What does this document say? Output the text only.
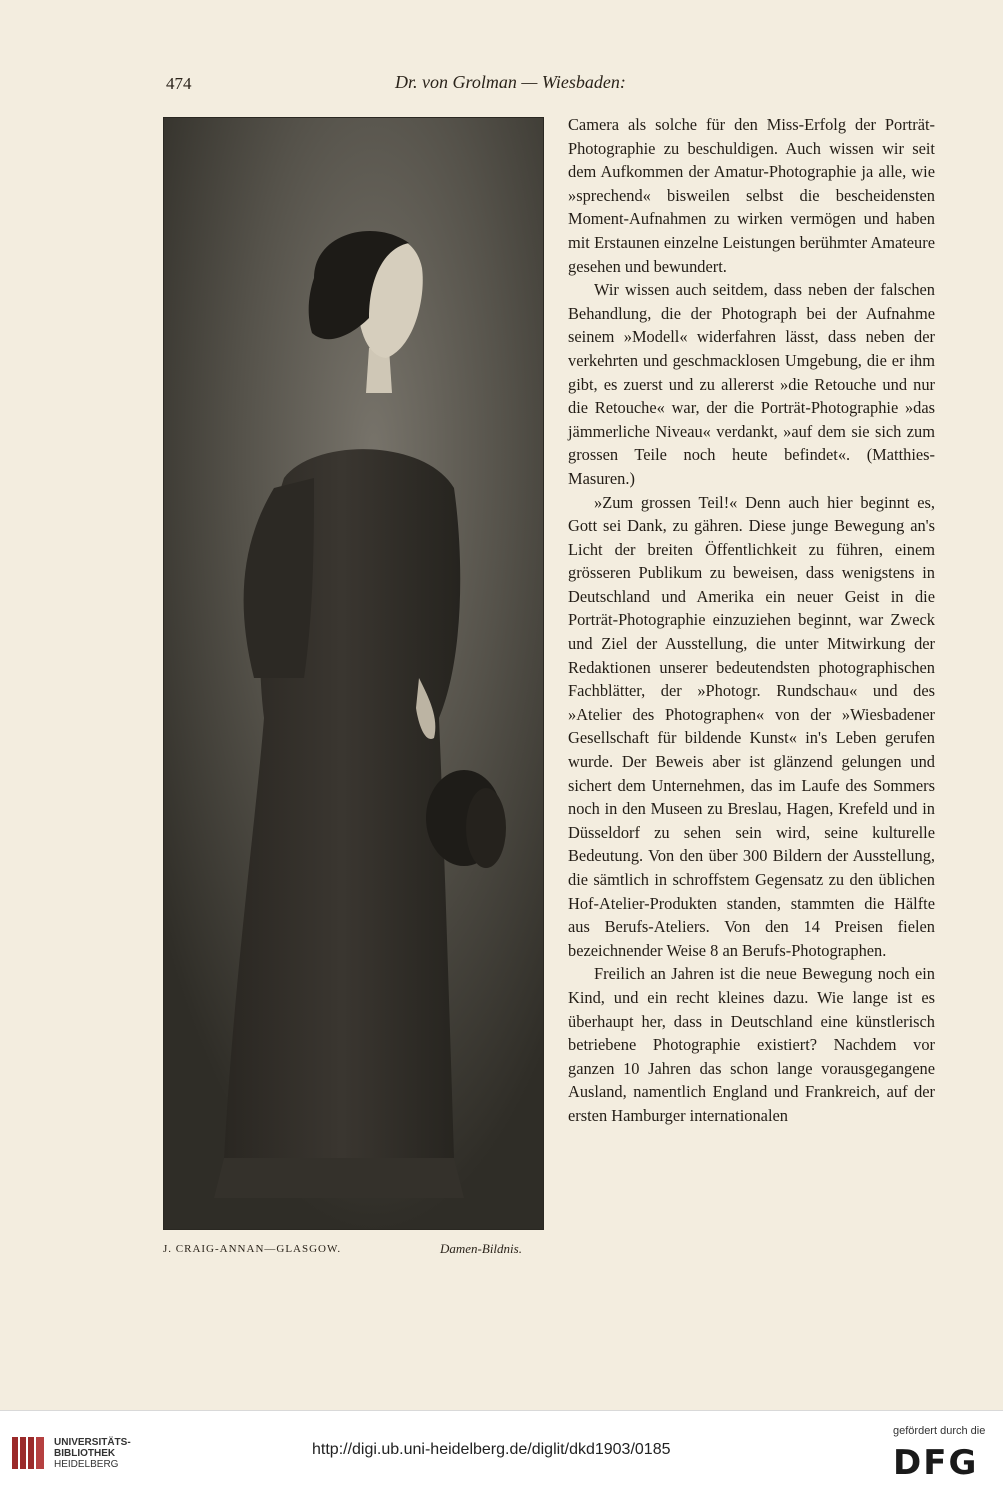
474	Dr. von Grolman — Wiesbaden:
J. CRAIG-ANNAN—GLASGOW.	Damen-Bildnis.

Camera als solche für den Miss-Erfolg der Porträt-Photographie zu beschuldigen. Auch wissen wir seit dem Aufkommen der Amatur-Photographie ja alle, wie »sprechend« bisweilen selbst die bescheidensten Moment-Aufnahmen zu wirken vermögen und haben mit Erstaunen einzelne Leistungen berühmter Amateure gesehen und bewundert.

Wir wissen auch seitdem, dass neben der falschen Behandlung, die der Photograph bei der Aufnahme seinem »Modell« widerfahren lässt, dass neben der verkehrten und geschmacklosen Umgebung, die er ihm gibt, es zuerst und zu allererst »die Retouche und nur die Retouche« war, der die Porträt-Photographie »das jämmerliche Niveau« verdankt, »auf dem sie sich zum grossen Teile noch heute befindet«. (Matthies-Masuren.)

»Zum grossen Teil!« Denn auch hier beginnt es, Gott sei Dank, zu gähren. Diese junge Bewegung an's Licht der breiten Öffentlichkeit zu führen, einem grösseren Publikum zu beweisen, dass wenigstens in Deutschland und Amerika ein neuer Geist in die Porträt-Photographie einzuziehen beginnt, war Zweck und Ziel der Ausstellung, die unter Mitwirkung der Redaktionen unserer bedeutendsten photographischen Fachblätter, der »Photogr. Rundschau« und des »Atelier des Photographen« von der »Wiesbadener Gesellschaft für bildende Kunst« in's Leben gerufen wurde. Der Beweis aber ist glänzend gelungen und sichert dem Unternehmen, das im Laufe des Sommers noch in den Museen zu Breslau, Hagen, Krefeld und in Düsseldorf zu sehen sein wird, seine kulturelle Bedeutung. Von den über 300 Bildern der Ausstellung, die sämtlich in schroffstem Gegensatz zu den üblichen Hof-Atelier-Produkten standen, stammten die Hälfte aus Berufs-Ateliers. Von den 14 Preisen fielen bezeichnender Weise 8 an Berufs-Photographen.

Freilich an Jahren ist die neue Bewegung noch ein Kind, und ein recht kleines dazu. Wie lange ist es überhaupt her, dass in Deutschland eine künstlerisch betriebene Photographie existiert? Nachdem vor ganzen 10 Jahren das schon lange vorausgegangene Ausland, namentlich England und Frankreich, auf der ersten Hamburger internationalen

UNIVERSITÄTS-
BIBLIOTHEK
HEIDELBERG
http://digi.ub.uni-heidelberg.de/diglit/dkd1903/0185
gefördert durch die
DFG
